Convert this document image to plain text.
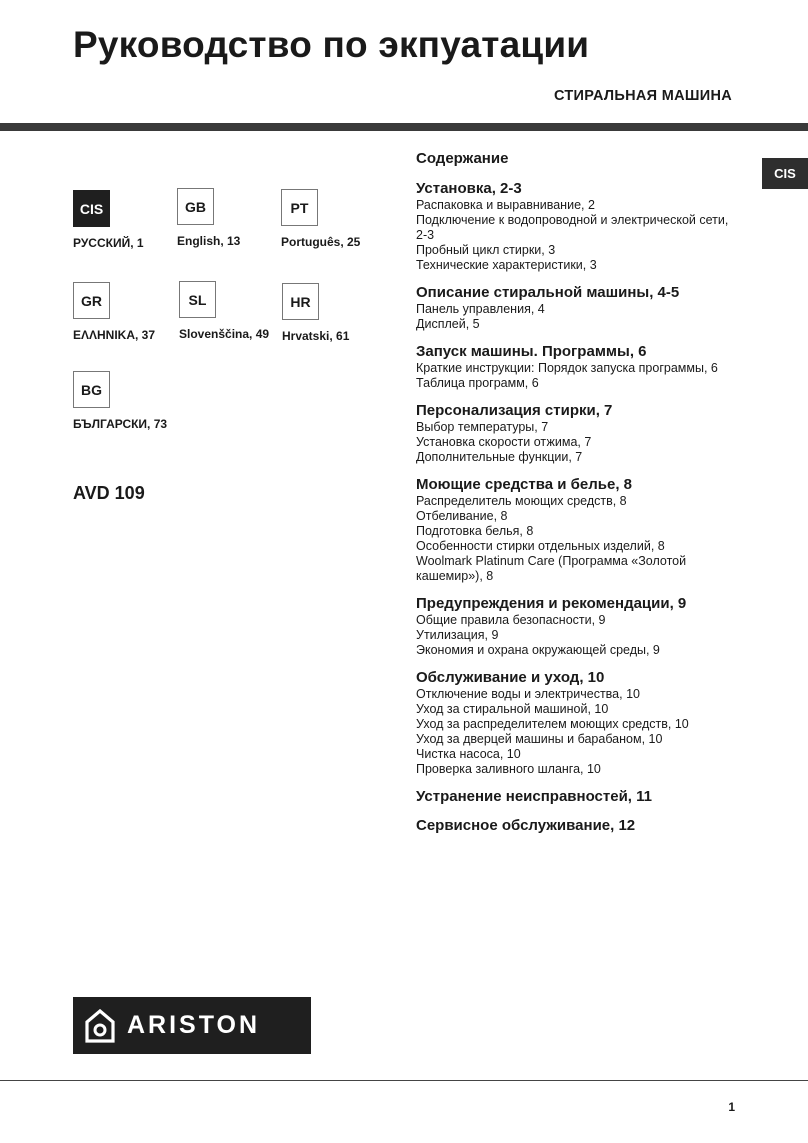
Руководство по экпуатации
СТИРАЛЬНАЯ МАШИНА
CIS
CIS
РУССКИЙ, 1
GB
English, 13
PT
Português, 25
GR
ΕΛΛΗΝΙΚΑ, 37
SL
Slovenščina, 49
HR
Hrvatski, 61
BG
БЪЛГАРСКИ, 73
AVD 109
Содержание
Установка, 2-3
Распаковка и выравнивание, 2
Подключение к водопроводной и электрической сети, 2-3
Пробный цикл стирки, 3
Технические характеристики, 3
Описание стиральной машины, 4-5
Панель управления, 4
Дисплей, 5
Запуск машины. Программы, 6
Краткие инструкции: Порядок запуска программы, 6
Таблица программ, 6
Персонализация стирки, 7
Выбор температуры, 7
Установка скорости отжима, 7
Дополнительные функции, 7
Моющие средства и белье, 8
Распределитель моющих средств, 8
Отбеливание, 8
Подготовка белья, 8
Особенности стирки отдельных изделий, 8
Woolmark Platinum Care (Программа «Золотой кашемир»), 8
Предупреждения и рекомендации, 9
Общие правила безопасности, 9
Утилизация, 9
Экономия и охрана окружающей среды, 9
Обслуживание и уход, 10
Отключение воды и электричества, 10
Уход за стиральной машиной, 10
Уход за распределителем моющих средств, 10
Уход за дверцей машины и барабаном, 10
Чистка насоса, 10
Проверка заливного шланга, 10
Устранение неисправностей, 11
Сервисное обслуживание, 12
ARISTON
1
